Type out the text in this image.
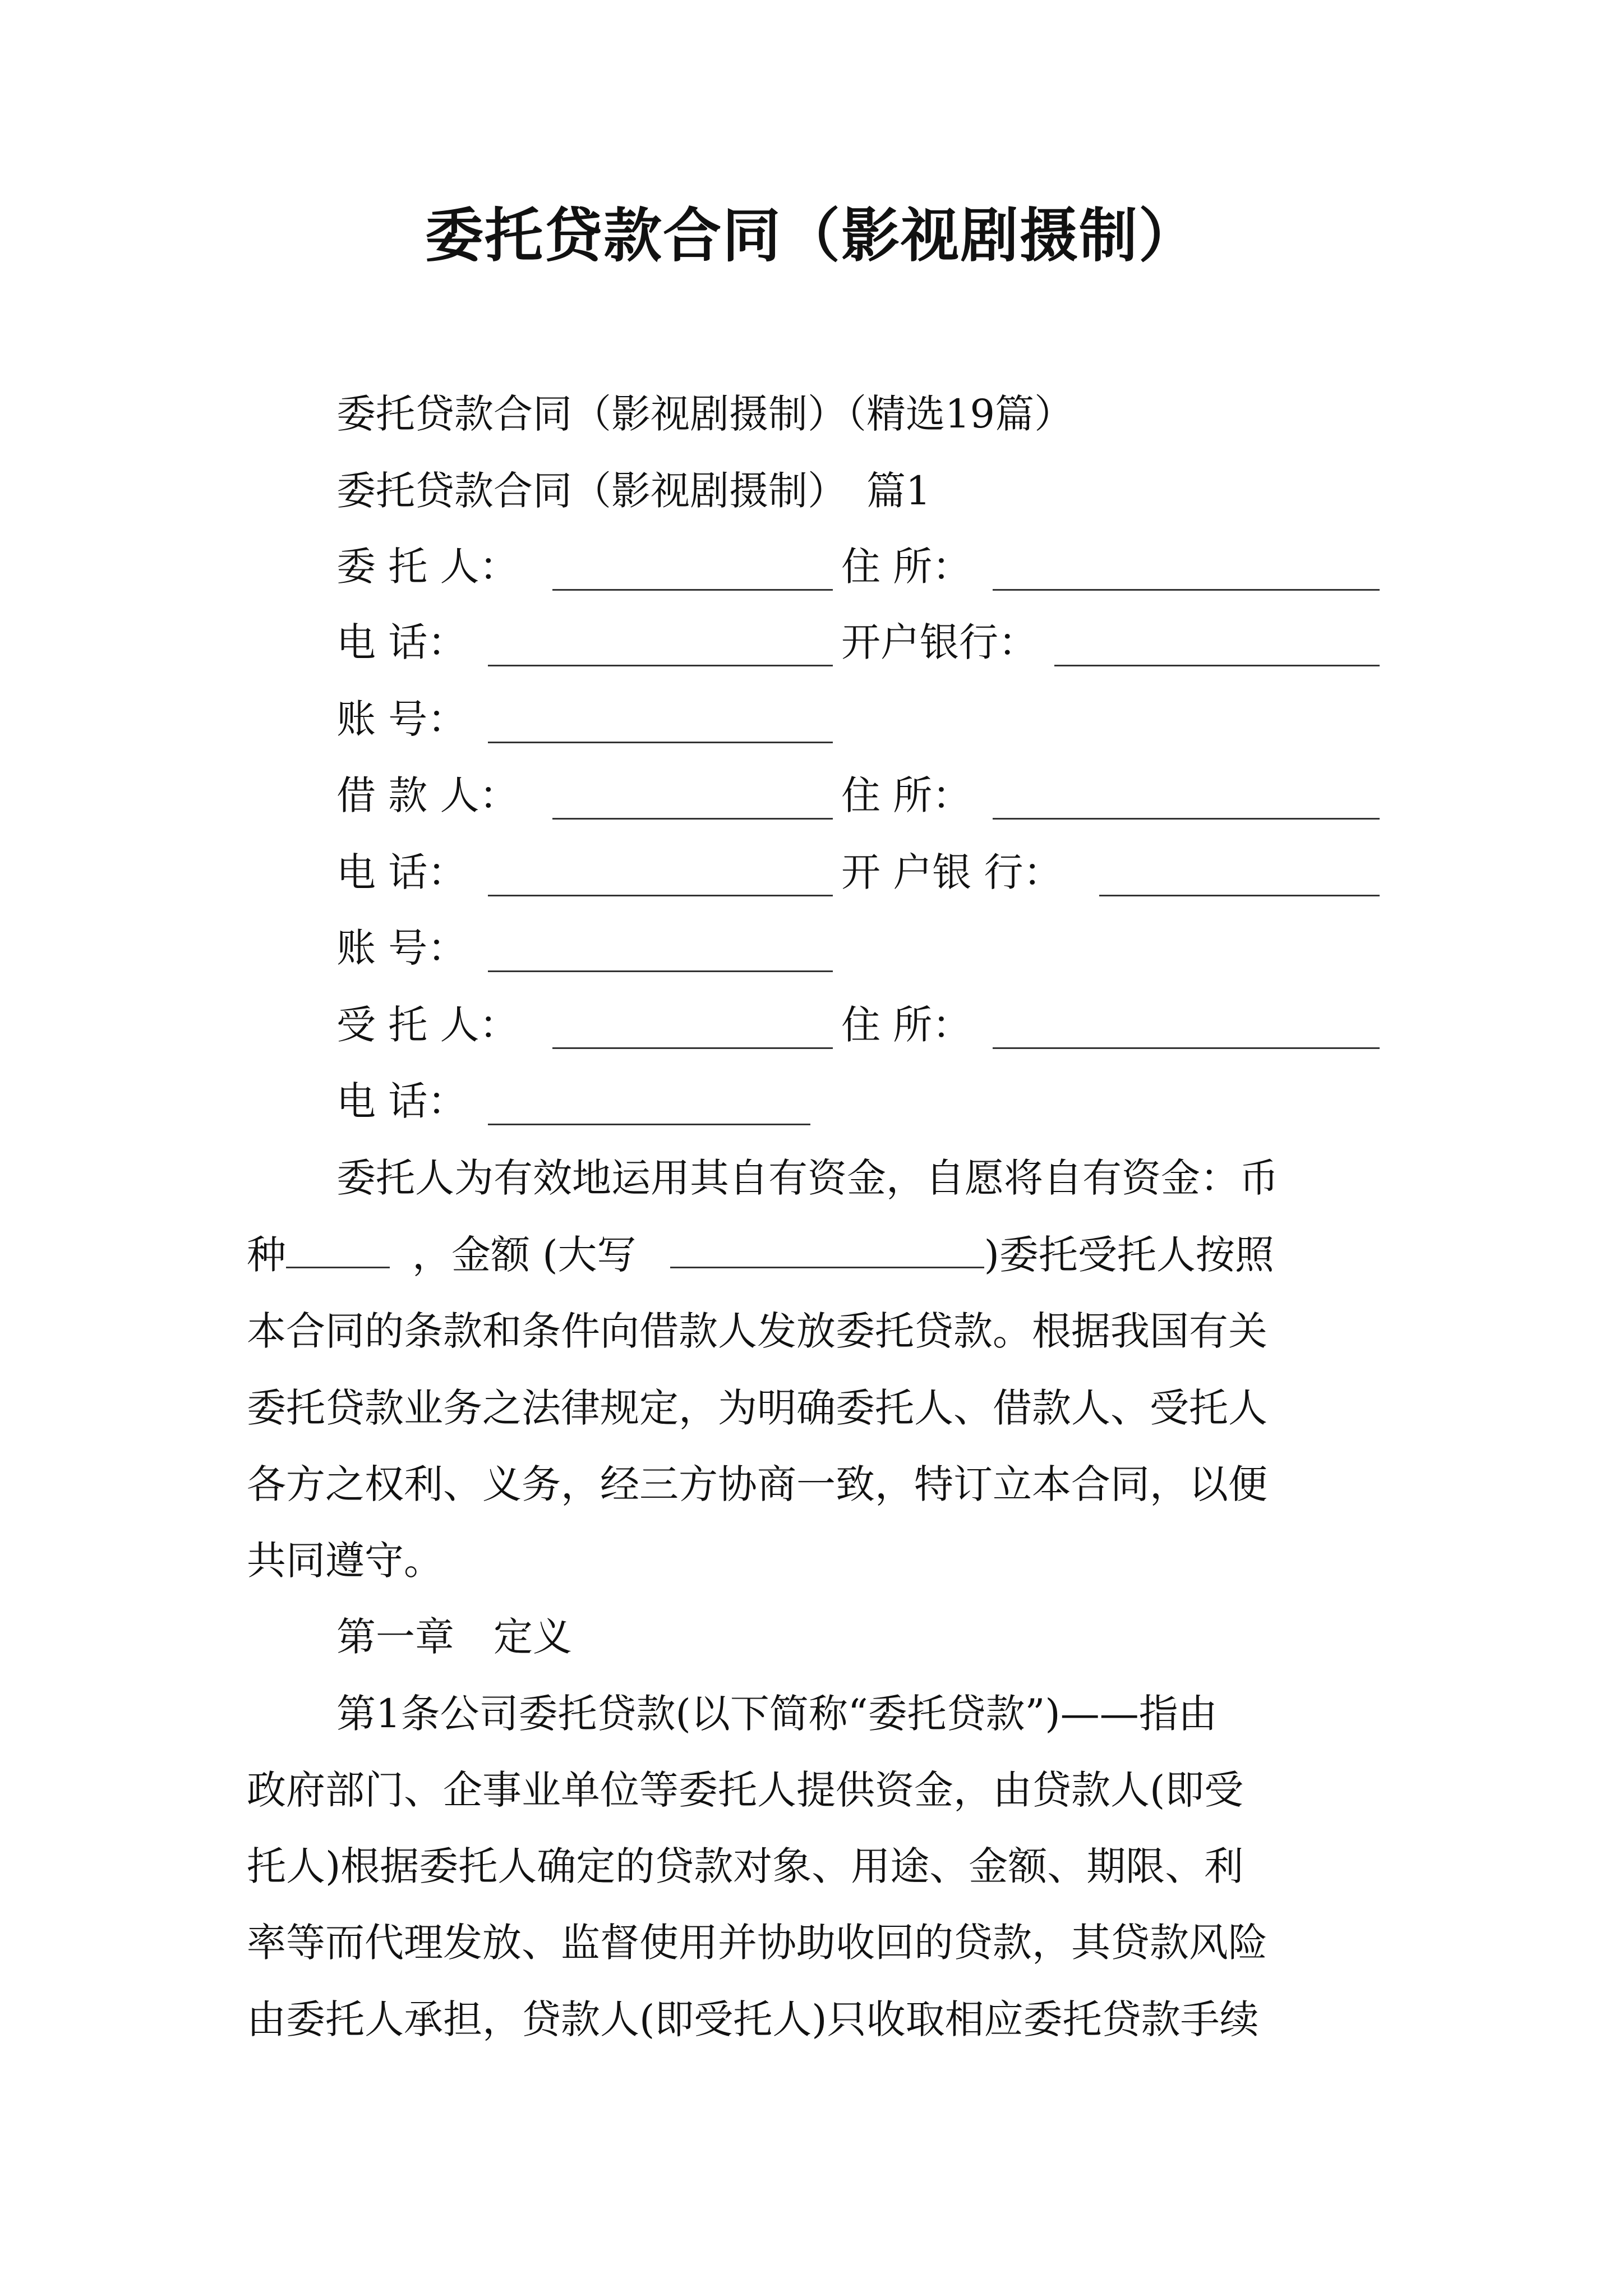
委托贷款合同（影视剧摄制）
委托贷款合同（影视剧摄制）（精选19篇）
委托贷款合同（影视剧摄制）　篇1
委 托 人：	住 所：
电 话：	开户银行：
账 号：
借 款 人：	住 所：
电 话：	开 户银 行：
账 号：
受 托 人：	住 所：
电 话：
委托人为有效地运用其自有资金，自愿将自有资金：币
种	，金额 (大写	)委托受托人按照
本合同的条款和条件向借款人发放委托贷款。根据我国有关
委托贷款业务之法律规定，为明确委托人、借款人、受托人
各方之权利、义务，经三方协商一致，特订立本合同，以便
共同遵守。
第一章　定义
第1条公司委托贷款(以下简称“委托贷款”)——指由
政府部门、企事业单位等委托人提供资金，由贷款人(即受
托人)根据委托人确定的贷款对象、用途、金额、期限、利
率等而代理发放、监督使用并协助收回的贷款，其贷款风险
由委托人承担，贷款人(即受托人)只收取相应委托贷款手续
